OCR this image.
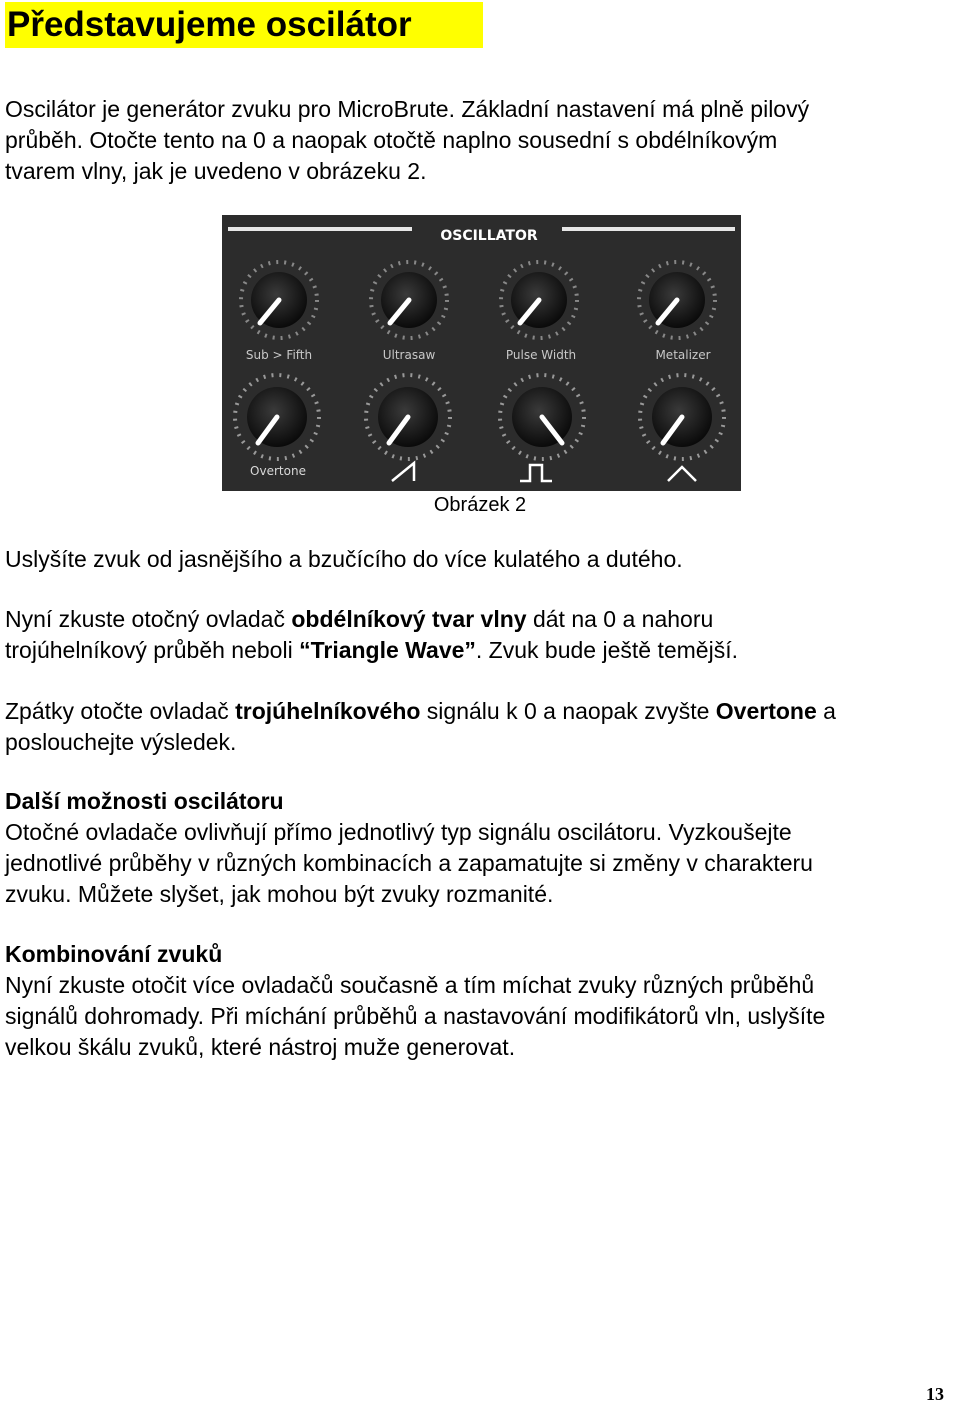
Představujeme oscilátor
Oscilátor je generátor zvuku pro MicroBrute. Základní nastavení má plně pilový
průběh. Otočte tento na 0 a naopak otočtě naplno sousední s obdélníkovým
tvarem vlny, jak je uvedeno v obrázeku 2.
OSCILLATOR
Sub > Fifth	Ultrasaw	Pulse Width	Metalizer
Overtone
Obrázek 2
Uslyšíte zvuk od jasnějšího a bzučícího do více kulatého a dutého.
Nyní zkuste otočný ovladač obdélníkový tvar vlny dát na 0 a nahoru
trojúhelníkový průběh neboli “Triangle Wave”. Zvuk bude ještě temější.
Zpátky otočte ovladač trojúhelníkového signálu k 0 a naopak zvyšte Overtone a
poslouchejte výsledek.
Další možnosti oscilátoru
Otočné ovladače ovlivňují přímo jednotlivý typ signálu oscilátoru. Vyzkoušejte
jednotlivé průběhy v různých kombinacích a zapamatujte si změny v charakteru
zvuku. Můžete slyšet, jak mohou být zvuky rozmanité.
Kombinování zvuků
Nyní zkuste otočit více ovladačů současně a tím míchat zvuky různých průběhů
signálů dohromady. Při míchání průběhů a nastavování modifikátorů vln, uslyšíte
velkou škálu zvuků, které nástroj muže generovat.
13
